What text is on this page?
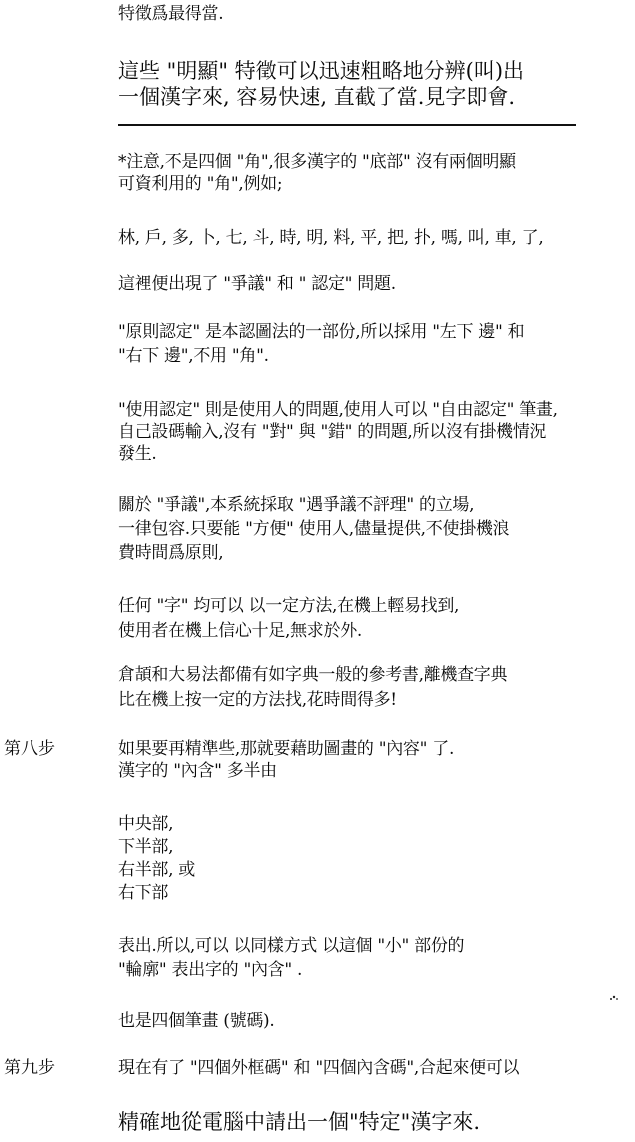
特徵爲最得當.
這些 "明顯" 特徵可以迅速粗略地分辨(叫)出
一個漢字來, 容易快速, 直截了當.見字即會.
*注意,不是四個 "角",很多漢字的 "底部" 沒有兩個明顯
可資利用的 "角",例如;
林, 戶, 多, 卜, 七, 斗, 時, 明, 料, 平, 把, 扑, 嗎, 叫, 車, 了,
這裡便出現了 "爭議" 和 " 認定" 問題.
"原則認定" 是本認圖法的一部份,所以採用 "左下 邊" 和
"右下 邊",不用 "角".
"使用認定" 則是使用人的問題,使用人可以 "自由認定" 筆畫,
自己設碼輸入,沒有 "對" 與 "錯" 的問題,所以沒有掛機情況
發生.
關於 "爭議",本系統採取 "遇爭議不評理" 的立場,
一律包容.只要能 "方便" 使用人,儘量提供,不使掛機浪
費時間爲原則,
任何 "字" 均可以 以一定方法,在機上輕易找到,
使用者在機上信心十足,無求於外.
倉頡和大易法都備有如字典一般的參考書,離機查字典
比在機上按一定的方法找,花時間得多!
第八步	如果要再精準些,那就要藉助圖畫的 "內容" 了.
漢字的 "內含" 多半由
中央部,
下半部,
右半部, 或
右下部
表出.所以,可以 以同樣方式 以這個 "小" 部份的
"輪廓" 表出字的 "內含" .
也是四個筆畫 (號碼).
第九步	現在有了 "四個外框碼" 和 "四個內含碼",合起來便可以
精確地從電腦中請出一個"特定"漢字來.
